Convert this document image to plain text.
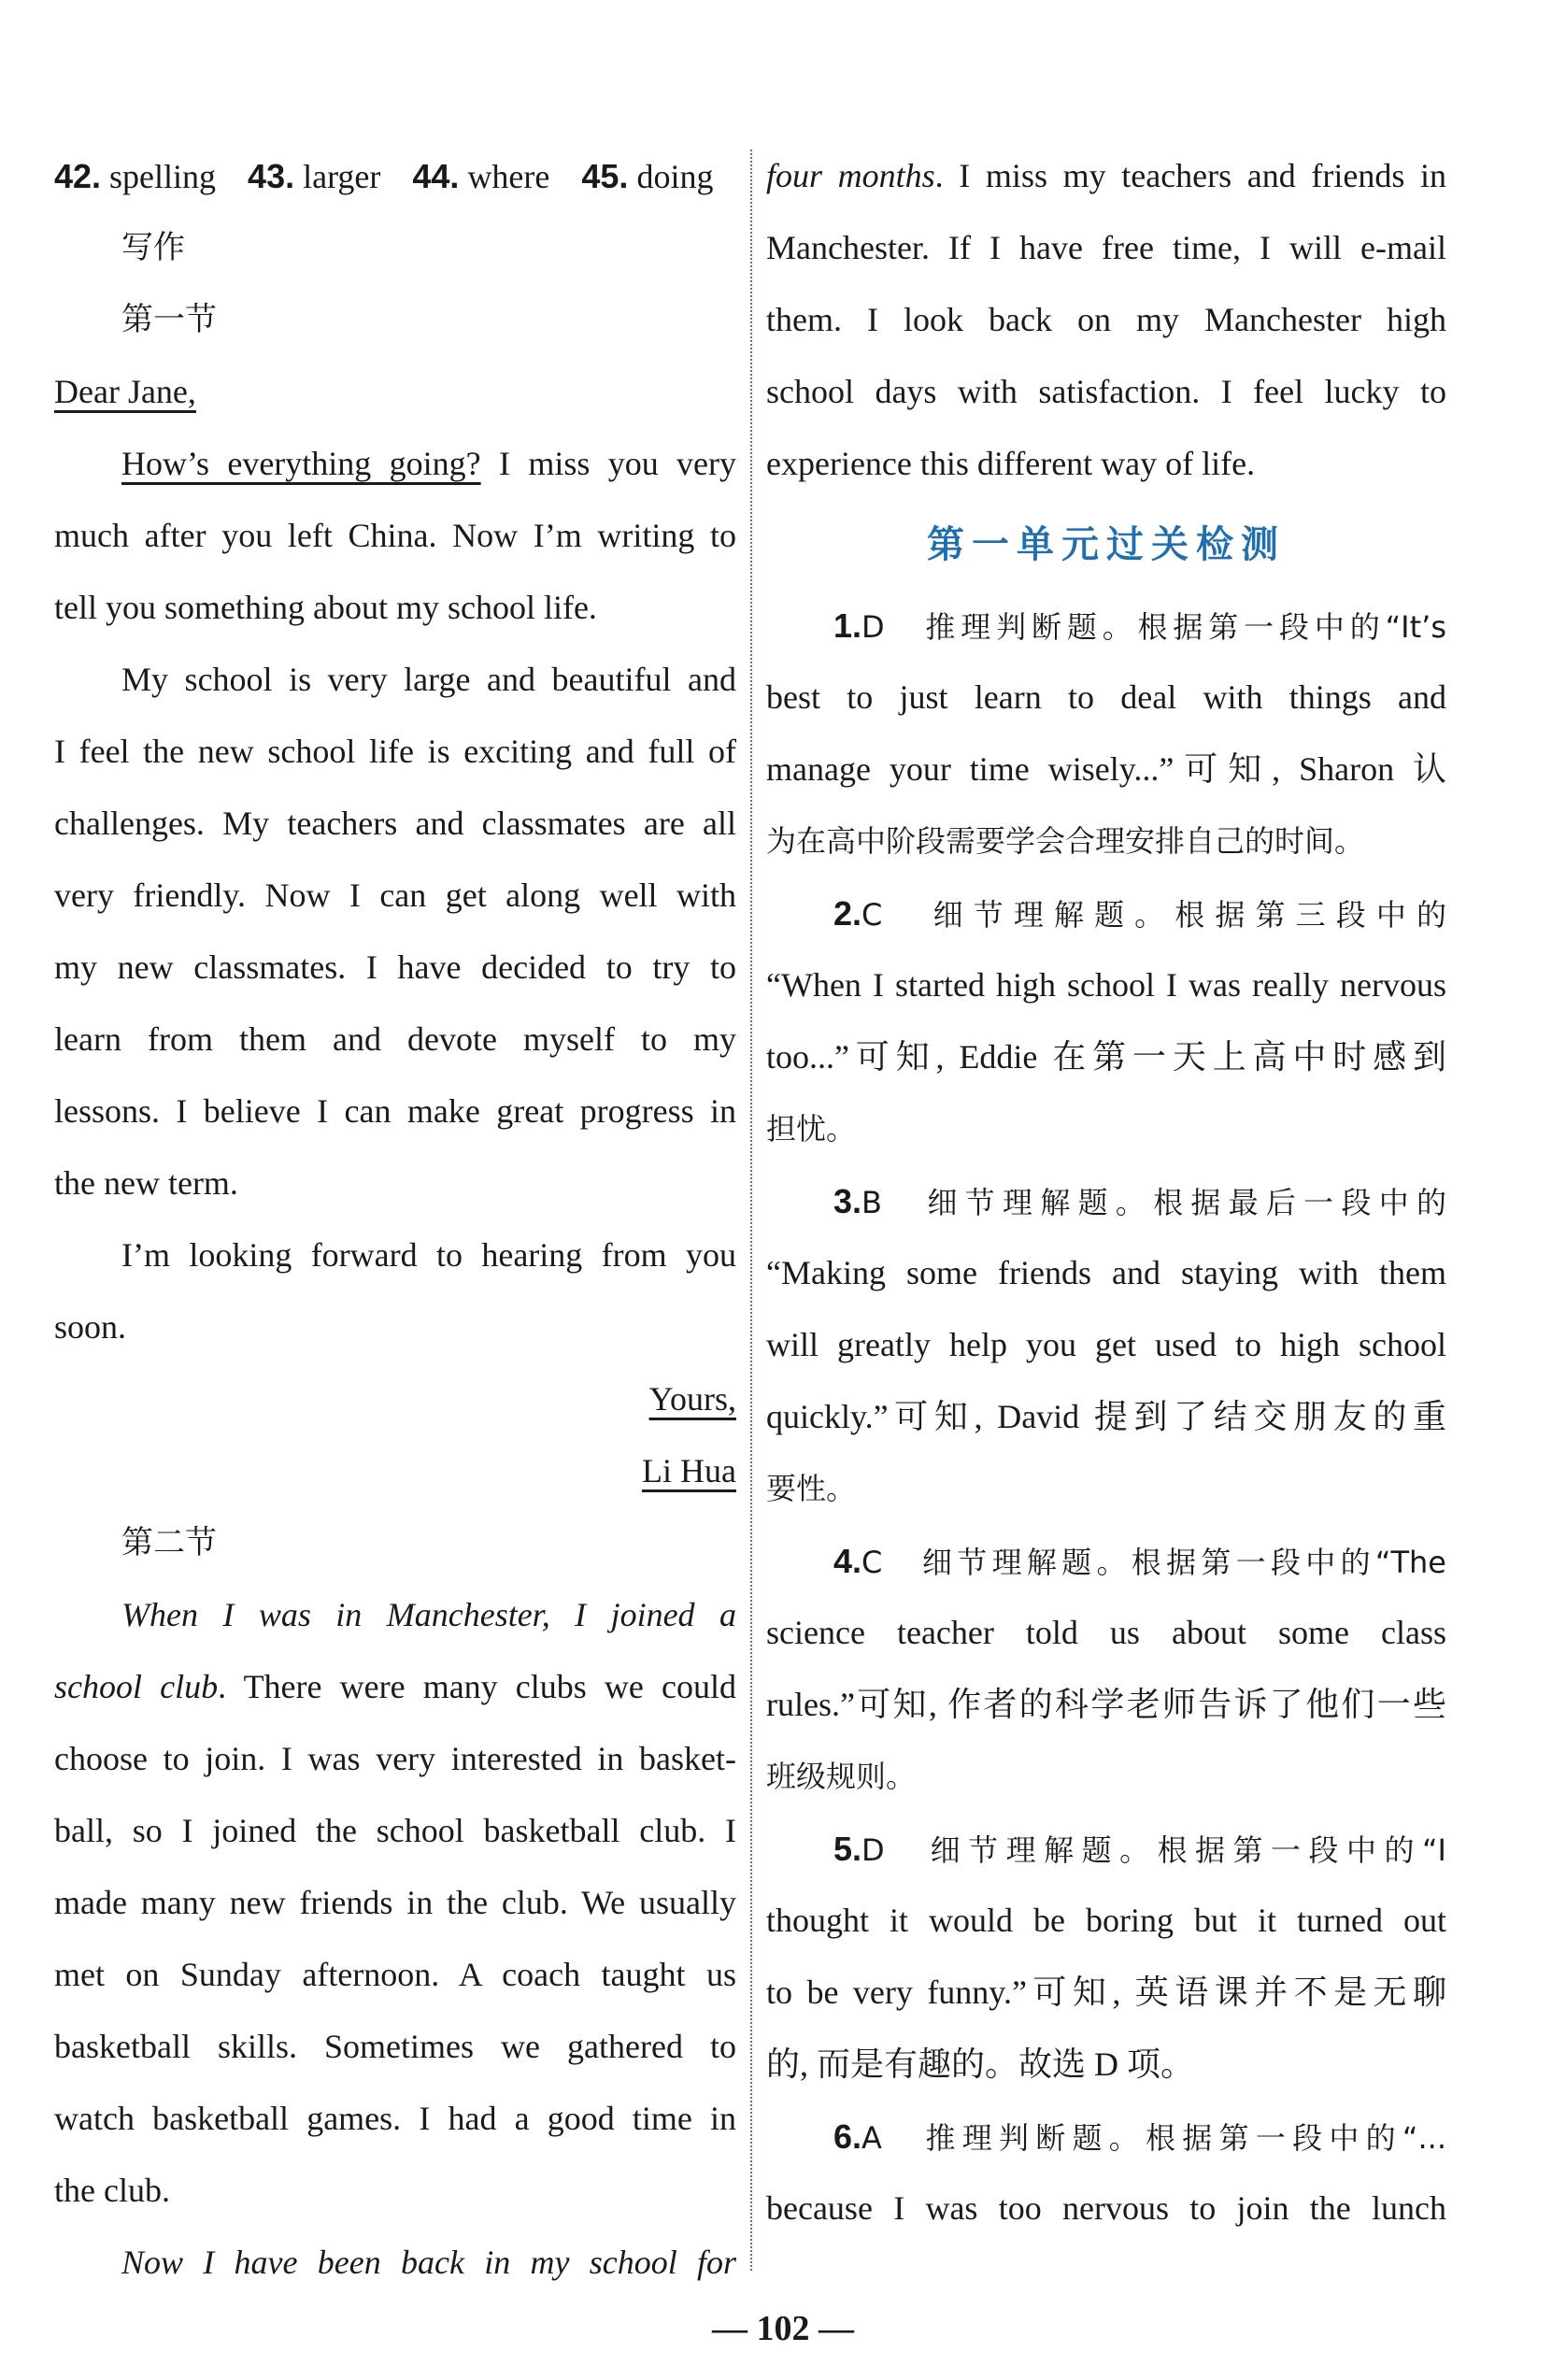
42. spelling 43. larger 44. where 45. doing
写作
第一节
Dear Jane,
How’s everything going? I miss you very
much after you left China. Now I’m writing to
tell you something about my school life.
My school is very large and beautiful and
I feel the new school life is exciting and full of
challenges. My teachers and classmates are all
very friendly. Now I can get along well with
my new classmates. I have decided to try to
learn from them and devote myself to my
lessons. I believe I can make great progress in
the new term.
I’m looking forward to hearing from you
soon.
Yours,
Li Hua
第二节
When I was in Manchester, I joined a
school club. There were many clubs we could
choose to join. I was very interested in basket-
ball, so I joined the school basketball club. I
made many new friends in the club. We usually
met on Sunday afternoon. A coach taught us
basketball skills. Sometimes we gathered to
watch basketball games. I had a good time in
the club.
Now I have been back in my school for
four months. I miss my teachers and friends in
Manchester. If I have free time, I will e-mail
them. I look back on my Manchester high
school days with satisfaction. I feel lucky to
experience this different way of life.
第一单元过关检测
1.D　推理判断题。根据第一段中的“It’s
best to just learn to deal with things and
manage your time wisely...”可知, Sharon 认
为在高中阶段需要学会合理安排自己的时间。
2.C　细节理解题。根据第三段中的
“When I started high school I was really nervous
too...”可知, Eddie 在第一天上高中时感到
担忧。
3.B　细节理解题。根据最后一段中的
“Making some friends and staying with them
will greatly help you get used to high school
quickly.”可知, David 提到了结交朋友的重
要性。
4.C　细节理解题。根据第一段中的“The
science teacher told us about some class
rules.”可知, 作者的科学老师告诉了他们一些
班级规则。
5.D　细节理解题。根据第一段中的“I
thought it would be boring but it turned out
to be very funny.”可知, 英语课并不是无聊
的, 而是有趣的。故选 D 项。
6.A　推理判断题。根据第一段中的“...
because I was too nervous to join the lunch
— 102 —
